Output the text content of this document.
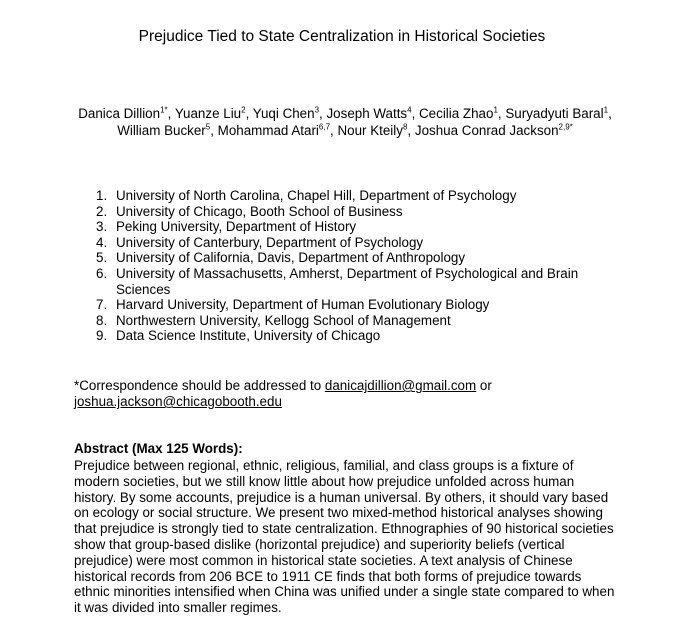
Prejudice Tied to State Centralization in Historical Societies
Danica Dillion$^{1*}$, Yuanze Liu$^2$, Yuqi Chen$^3$, Joseph Watts$^4$, Cecilia Zhao$^1$, Suryadyuti Baral$^1$, William Bucker$^5$, Mohammad Atari$^{6,7}$, Nour Kteily$^8$, Joshua Conrad Jackson$^{2,9*}$
1. University of North Carolina, Chapel Hill, Department of Psychology
2. University of Chicago, Booth School of Business
3. Peking University, Department of History
4. University of Canterbury, Department of Psychology
5. University of California, Davis, Department of Anthropology
6. University of Massachusetts, Amherst, Department of Psychological and Brain Sciences
7. Harvard University, Department of Human Evolutionary Biology
8. Northwestern University, Kellogg School of Management
9. Data Science Institute, University of Chicago
*Correspondence should be addressed to danicajdillion@gmail.com or
joshua.jackson@chicagobooth.edu
Abstract (Max 125 Words):
Prejudice between regional, ethnic, religious, familial, and class groups is a fixture of modern societies, but we still know little about how prejudice unfolded across human history. By some accounts, prejudice is a human universal. By others, it should vary based on ecology or social structure. We present two mixed-method historical analyses showing that prejudice is strongly tied to state centralization. Ethnographies of 90 historical societies show that group-based dislike (horizontal prejudice) and superiority beliefs (vertical prejudice) were most common in historical state societies. A text analysis of Chinese historical records from 206 BCE to 1911 CE finds that both forms of prejudice towards ethnic minorities intensified when China was unified under a single state compared to when it was divided into smaller regimes.
